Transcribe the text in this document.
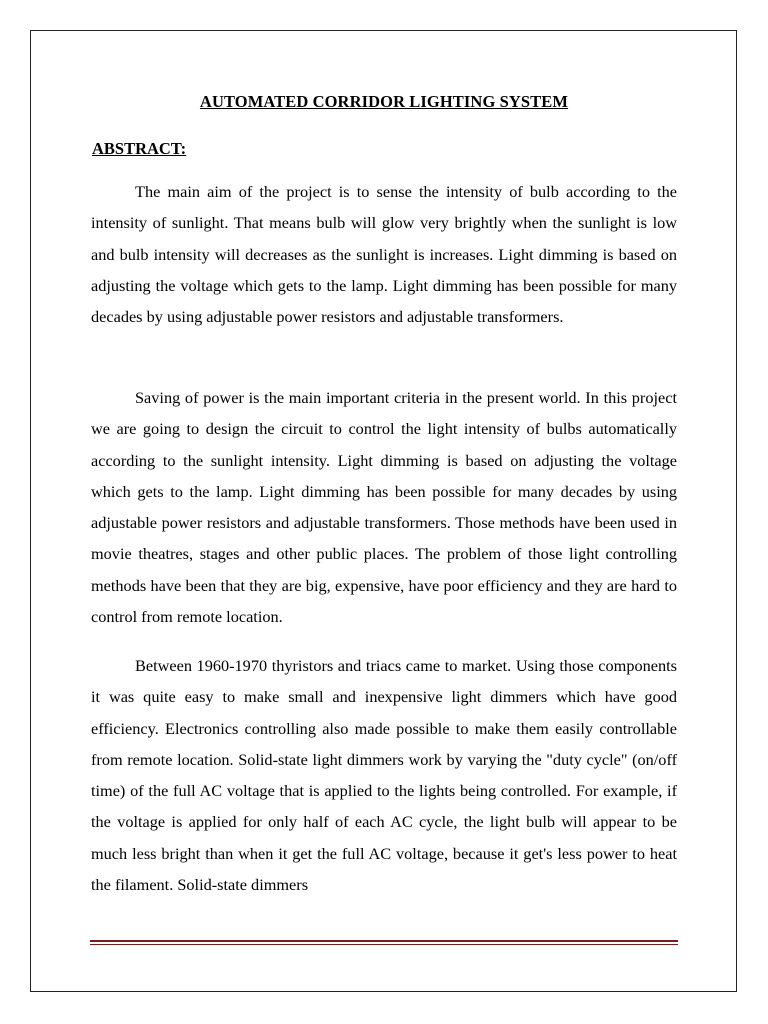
AUTOMATED CORRIDOR LIGHTING SYSTEM
ABSTRACT:

The main aim of the project is to sense the intensity of bulb according to the intensity of sunlight. That means bulb will glow very brightly when the sunlight is low and bulb intensity will decreases as the sunlight is increases. Light dimming is based on adjusting the voltage which gets to the lamp. Light dimming has been possible for many decades by using adjustable power resistors and adjustable transformers.

Saving of power is the main important criteria in the present world. In this project we are going to design the circuit to control the light intensity of bulbs automatically according to the sunlight intensity. Light dimming is based on adjusting the voltage which gets to the lamp. Light dimming has been possible for many decades by using adjustable power resistors and adjustable transformers. Those methods have been used in movie theatres, stages and other public places. The problem of those light controlling methods have been that they are big, expensive, have poor efficiency and they are hard to control from remote location.

Between 1960-1970 thyristors and triacs came to market. Using those components it was quite easy to make small and inexpensive light dimmers which have good efficiency. Electronics controlling also made possible to make them easily controllable from remote location. Solid-state light dimmers work by varying the "duty cycle" (on/off time) of the full AC voltage that is applied to the lights being controlled. For example, if the voltage is applied for only half of each AC cycle, the light bulb will appear to be much less bright than when it get the full AC voltage, because it get's less power to heat the filament. Solid-state dimmers
